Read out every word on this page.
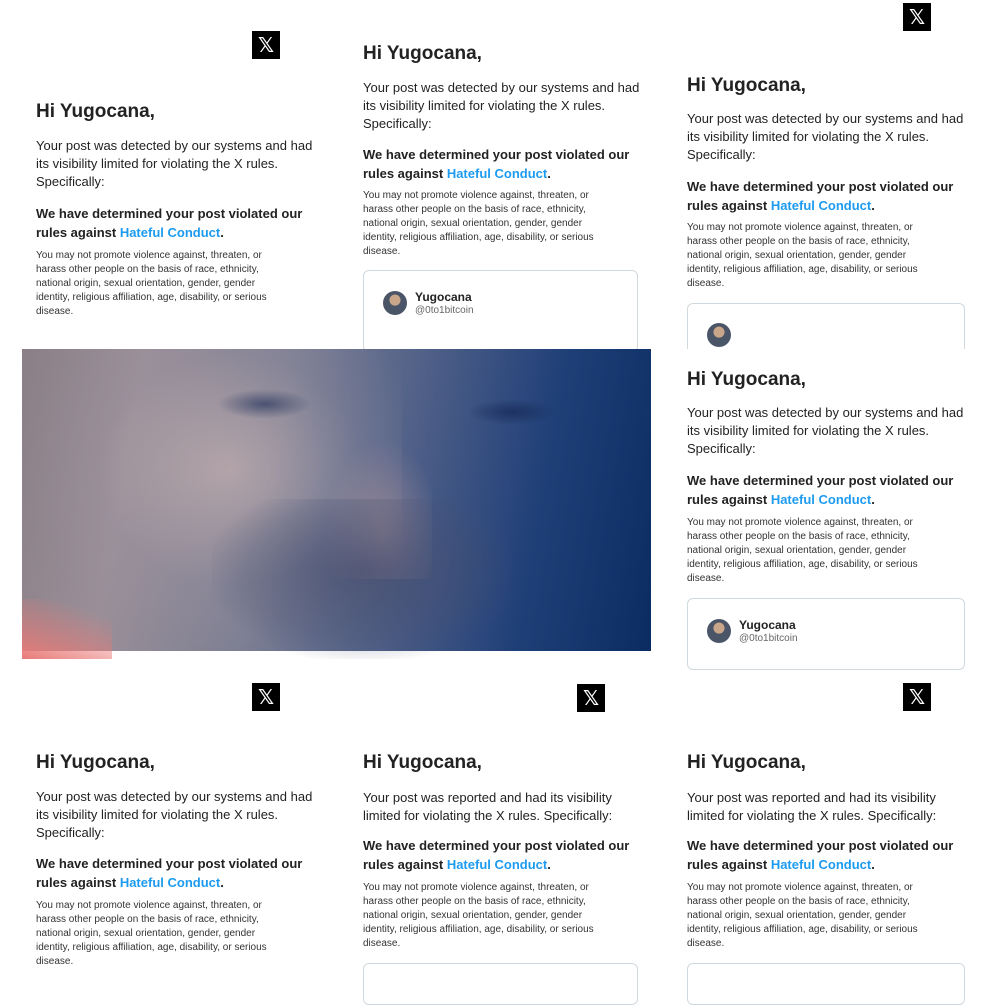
𝕏

Hi Yugocana,

Your post was detected by our systems and had
its visibility limited for violating the X rules.
Specifically:

We have determined your post violated our
rules against Hateful Conduct.

You may not promote violence against, threaten, or
harass other people on the basis of race, ethnicity,
national origin, sexual orientation, gender, gender
identity, religious affiliation, age, disability, or serious
disease.

Hi Yugocana,

Your post was detected by our systems and had
its visibility limited for violating the X rules.
Specifically:

We have determined your post violated our
rules against Hateful Conduct.

You may not promote violence against, threaten, or
harass other people on the basis of race, ethnicity,
national origin, sexual orientation, gender, gender
identity, religious affiliation, age, disability, or serious
disease.

Yugocana
@0to1bitcoin
𝕏

Hi Yugocana,

Your post was detected by our systems and had
its visibility limited for violating the X rules.
Specifically:

We have determined your post violated our
rules against Hateful Conduct.

You may not promote violence against, threaten, or
harass other people on the basis of race, ethnicity,
national origin, sexual orientation, gender, gender
identity, religious affiliation, age, disability, or serious
disease.

Hi Yugocana,

Your post was detected by our systems and had
its visibility limited for violating the X rules.
Specifically:

We have determined your post violated our
rules against Hateful Conduct.

You may not promote violence against, threaten, or
harass other people on the basis of race, ethnicity,
national origin, sexual orientation, gender, gender
identity, religious affiliation, age, disability, or serious
disease.

Yugocana
@0to1bitcoin
𝕏

Hi Yugocana,

Your post was detected by our systems and had
its visibility limited for violating the X rules.
Specifically:

We have determined your post violated our
rules against Hateful Conduct.

You may not promote violence against, threaten, or
harass other people on the basis of race, ethnicity,
national origin, sexual orientation, gender, gender
identity, religious affiliation, age, disability, or serious
disease.

𝕏

Hi Yugocana,

Your post was reported and had its visibility
limited for violating the X rules. Specifically:

We have determined your post violated our
rules against Hateful Conduct.

You may not promote violence against, threaten, or
harass other people on the basis of race, ethnicity,
national origin, sexual orientation, gender, gender
identity, religious affiliation, age, disability, or serious
disease.

𝕏

Hi Yugocana,

Your post was reported and had its visibility
limited for violating the X rules. Specifically:

We have determined your post violated our
rules against Hateful Conduct.

You may not promote violence against, threaten, or
harass other people on the basis of race, ethnicity,
national origin, sexual orientation, gender, gender
identity, religious affiliation, age, disability, or serious
disease.
